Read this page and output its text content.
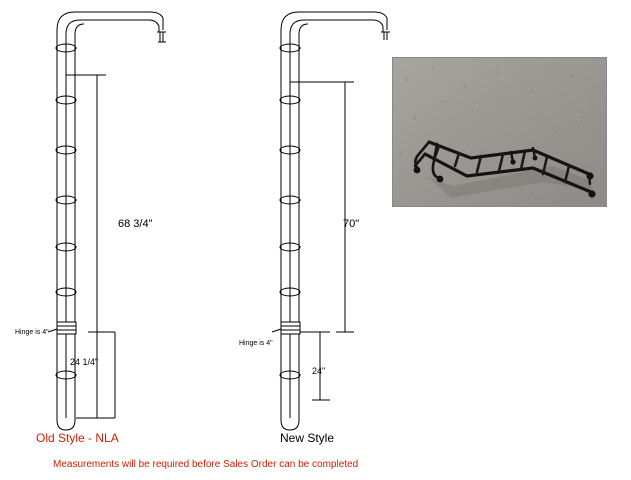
68 3/4"
Hinge is 4"
24 1/4"
70"
Hinge is 4"
24"
Old Style - NLA	New Style
Measurements will be required before Sales Order can be completed
